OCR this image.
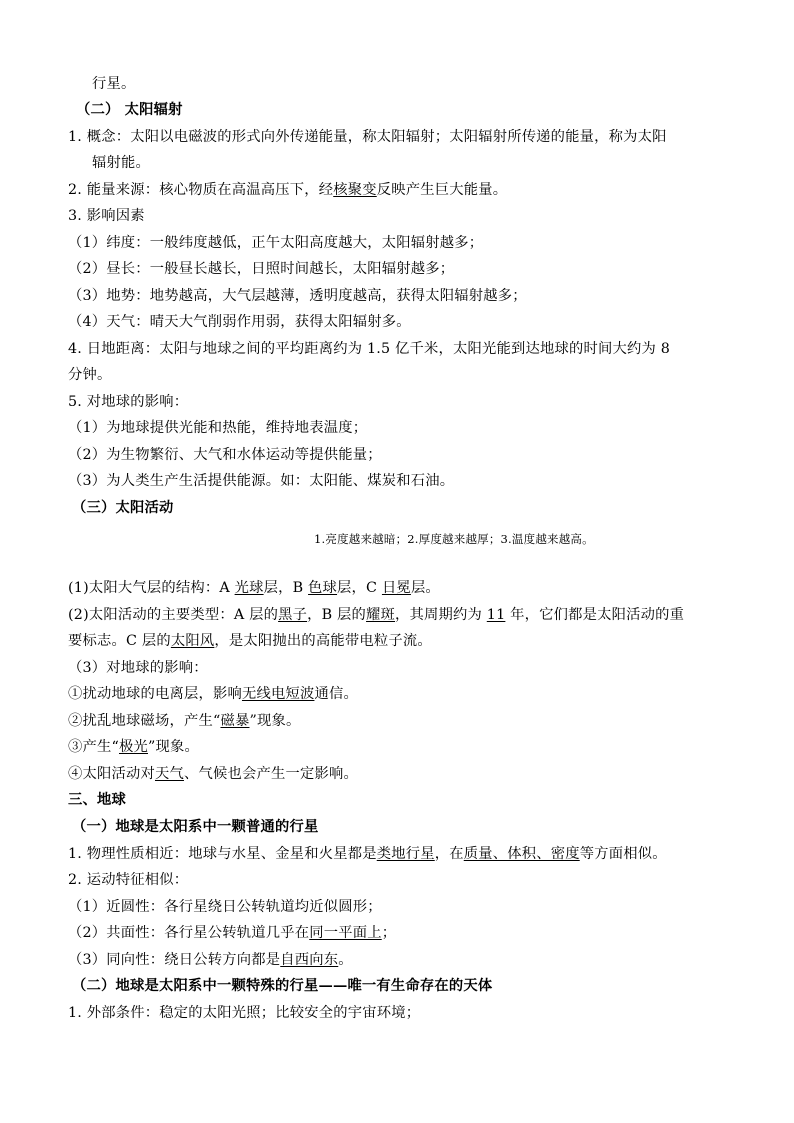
行星。
（二） 太阳辐射
1. 概念：太阳以电磁波的形式向外传递能量，称太阳辐射；太阳辐射所传递的能量，称为太阳
辐射能。
2. 能量来源：核心物质在高温高压下，经核聚变反映产生巨大能量。
3. 影响因素
（1）纬度：一般纬度越低，正午太阳高度越大，太阳辐射越多；
（2）昼长：一般昼长越长，日照时间越长，太阳辐射越多；
（3）地势：地势越高，大气层越薄，透明度越高，获得太阳辐射越多；
（4）天气：晴天大气削弱作用弱，获得太阳辐射多。
4. 日地距离：太阳与地球之间的平均距离约为 1.5 亿千米，太阳光能到达地球的时间大约为 8
分钟。
5. 对地球的影响：
（1）为地球提供光能和热能，维持地表温度；
（2）为生物繁衍、大气和水体运动等提供能量；
（3）为人类生产生活提供能源。如：太阳能、煤炭和石油。
（三）太阳活动
1.亮度越来越暗；2.厚度越来越厚；3.温度越来越高。
(1)太阳大气层的结构：A 光球层，B 色球层，C 日冕层。
(2)太阳活动的主要类型：A 层的黑子，B 层的耀斑，其周期约为 11 年，它们都是太阳活动的重
要标志。C 层的太阳风，是太阳抛出的高能带电粒子流。
（3）对地球的影响：
①扰动地球的电离层，影响无线电短波通信。
②扰乱地球磁场，产生“磁暴”现象。
③产生“极光”现象。
④太阳活动对天气、气候也会产生一定影响。
三、地球
（一）地球是太阳系中一颗普通的行星
1. 物理性质相近：地球与水星、金星和火星都是类地行星，在质量、体积、密度等方面相似。
2. 运动特征相似：
（1）近圆性：各行星绕日公转轨道均近似圆形；
（2）共面性：各行星公转轨道几乎在同一平面上；
（3）同向性：绕日公转方向都是自西向东。
（二）地球是太阳系中一颗特殊的行星——唯一有生命存在的天体
1. 外部条件：稳定的太阳光照；比较安全的宇宙环境；
